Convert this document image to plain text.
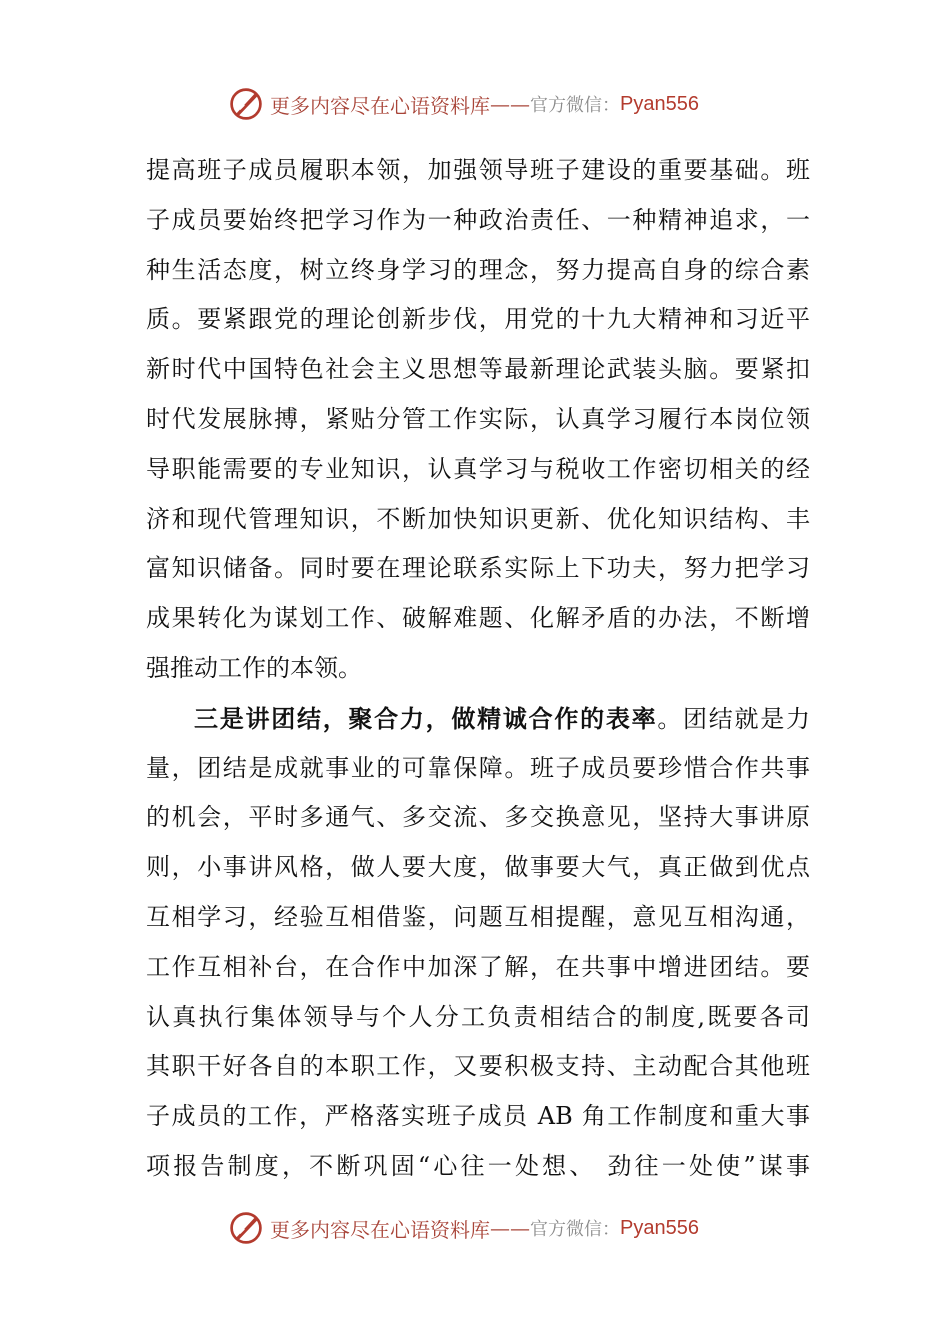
更多内容尽在心语资料库 —— 官方微信： Pyan556
提高班子成员履职本领，加强领导班子建设的重要基础。班
子成员要始终把学习作为一种政治责任、一种精神追求，一
种生活态度，树立终身学习的理念，努力提高自身的综合素
质。要紧跟党的理论创新步伐，用党的十九大精神和习近平
新时代中国特色社会主义思想等最新理论武装头脑。要紧扣
时代发展脉搏，紧贴分管工作实际，认真学习履行本岗位领
导职能需要的专业知识，认真学习与税收工作密切相关的经
济和现代管理知识，不断加快知识更新、优化知识结构、丰
富知识储备。同时要在理论联系实际上下功夫，努力把学习
成果转化为谋划工作、破解难题、化解矛盾的办法，不断增
强推动工作的本领。
三是讲团结，聚合力，做精诚合作的表率。团结就是力
量，团结是成就事业的可靠保障。班子成员要珍惜合作共事
的机会，平时多通气、多交流、多交换意见，坚持大事讲原
则，小事讲风格，做人要大度，做事要大气，真正做到优点
互相学习，经验互相借鉴，问题互相提醒，意见互相沟通，
工作互相补台，在合作中加深了解，在共事中增进团结。要
认真执行集体领导与个人分工负责相结合的制度,既要各司
其职干好各自的本职工作，又要积极支持、主动配合其他班
子成员的工作，严格落实班子成员 AB 角工作制度和重大事
项报告制度，不断巩固“心往一处想、 劲往一处使”谋事
更多内容尽在心语资料库 —— 官方微信： Pyan556
